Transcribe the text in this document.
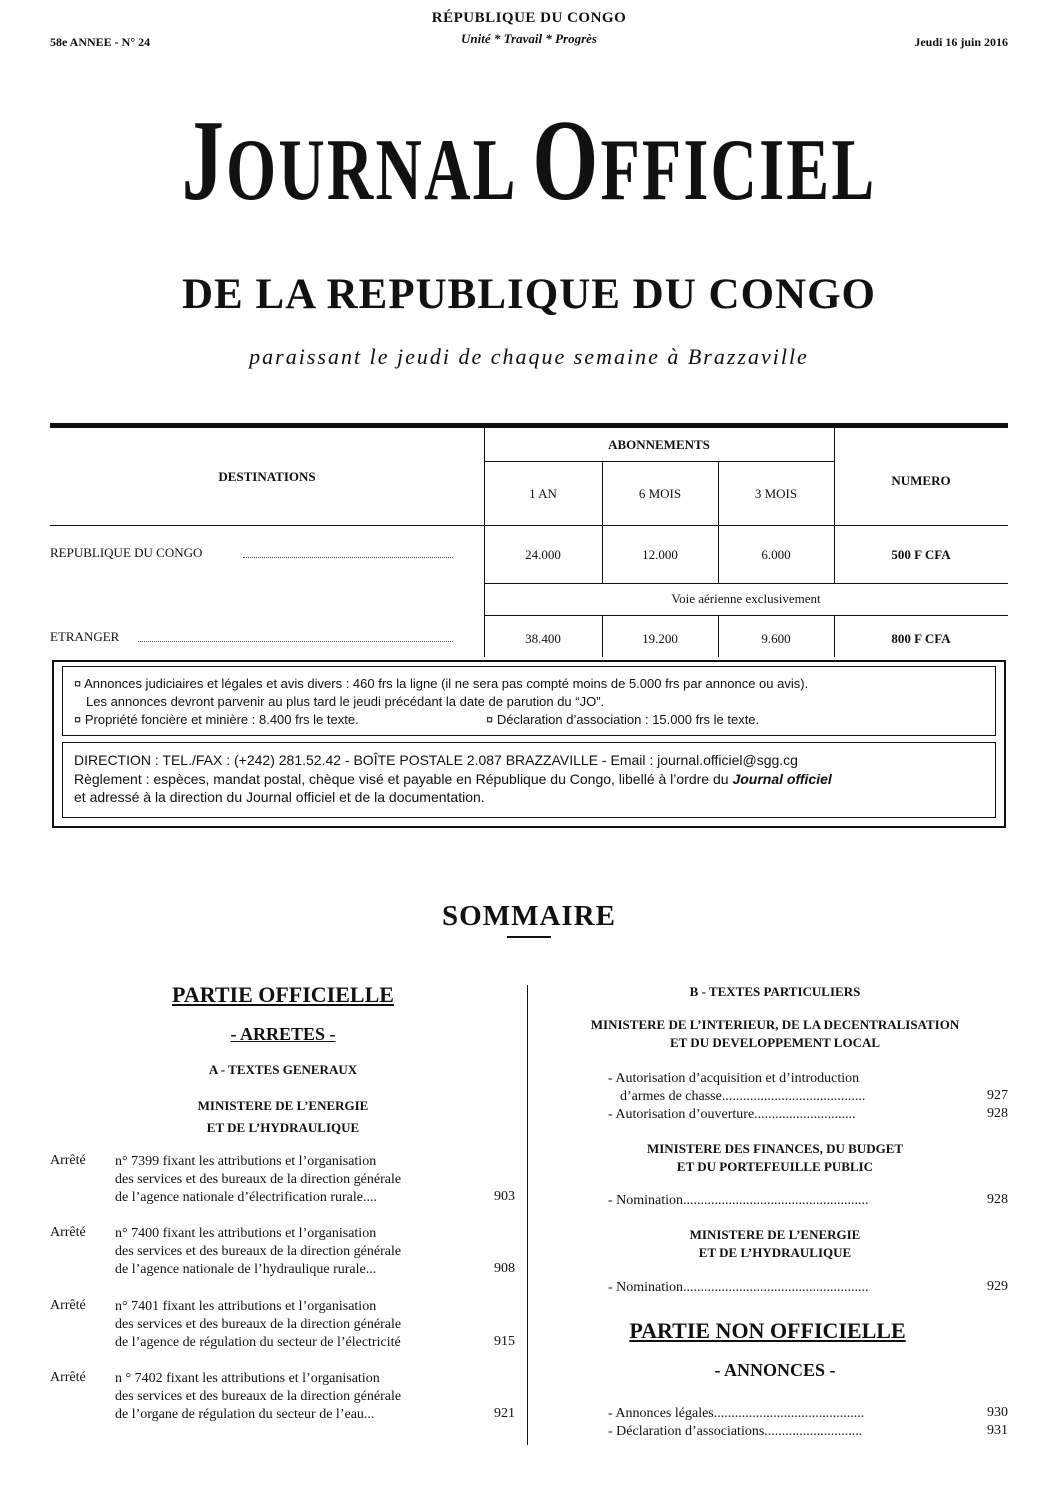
RÉPUBLIQUE DU CONGO
Unité * Travail * Progrès
58e ANNEE - N° 24	Jeudi 16 juin 2016
JOURNAL OFFICIEL
DE LA REPUBLIQUE DU CONGO
paraissant le jeudi de chaque semaine à Brazzaville
DESTINATIONS
ABONNEMENTS
1 AN	6 MOIS	3 MOIS
NUMERO
REPUBLIQUE DU CONGO	24.000	12.000	6.000	500 F CFA
Voie aérienne exclusivement
ETRANGER	38.400	19.200	9.600	800 F CFA
¤ Annonces judiciaires et légales et avis divers : 460 frs la ligne (il ne sera pas compté moins de 5.000 frs par annonce ou avis).
Les annonces devront parvenir au plus tard le jeudi précédant la date de parution du “JO”.
¤ Propriété foncière et minière : 8.400 frs le texte.	¤ Déclaration d’association : 15.000 frs le texte.
DIRECTION : TEL./FAX : (+242) 281.52.42 - BOÎTE POSTALE 2.087 BRAZZAVILLE - Email : journal.officiel@sgg.cg
Règlement : espèces, mandat postal, chèque visé et payable en République du Congo, libellé à l’ordre du Journal officiel
et adressé à la direction du Journal officiel et de la documentation.
SOMMAIRE
PARTIE OFFICIELLE
- ARRETES -
A - TEXTES GENERAUX
MINISTERE DE L’ENERGIE
ET DE L’HYDRAULIQUE
Arrêté n° 7399 fixant les attributions et l’organisation
des services et des bureaux de la direction générale
de l’agence nationale d’électrification rurale....	903
Arrêté n° 7400 fixant les attributions et l’organisation
des services et des bureaux de la direction générale
de l’agence nationale de l’hydraulique rurale...	908
Arrêté n° 7401 fixant les attributions et l’organisation
des services et des bureaux de la direction générale
de l’agence de régulation du secteur de l’électricité	915
Arrêté n ° 7402 fixant les attributions et l’organisation
des services et des bureaux de la direction générale
de l’organe de régulation du secteur de l’eau...	921
B - TEXTES PARTICULIERS
MINISTERE DE L’INTERIEUR, DE LA DECENTRALISATION
ET DU DEVELOPPEMENT LOCAL
- Autorisation d’acquisition et d’introduction
d’armes de chasse.........................................	927
- Autorisation d’ouverture.............................	928
MINISTERE DES FINANCES, DU BUDGET
ET DU PORTEFEUILLE PUBLIC
- Nomination.....................................................	928
MINISTERE DE L’ENERGIE
ET DE L’HYDRAULIQUE
- Nomination.....................................................	929
PARTIE NON OFFICIELLE
- ANNONCES -
- Annonces légales...........................................	930
- Déclaration d’associations............................	931
